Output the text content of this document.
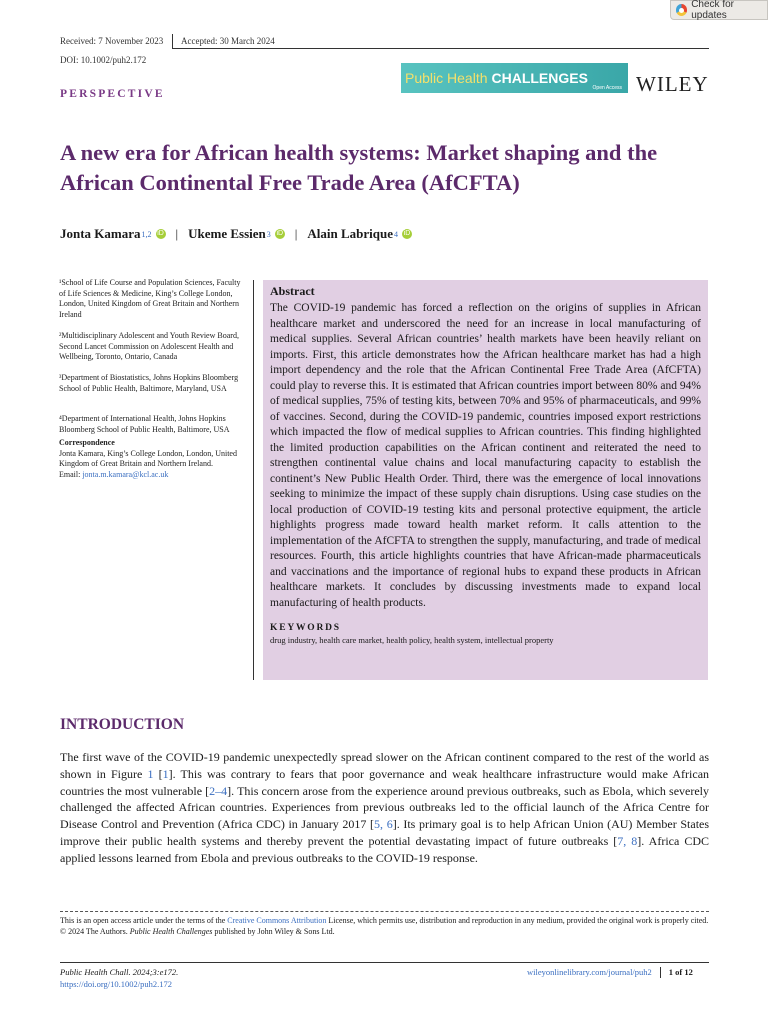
Check for updates
Received: 7 November 2023 Accepted: 30 March 2024
DOI: 10.1002/puh2.172
PERSPECTIVE
Public Health CHALLENGES
Open Access WILEY
A new era for African health systems: Market shaping and the African Continental Free Trade Area (AfCFTA)
Jonta Kamara 1,2 iD | Ukeme Essien 3 iD | Alain Labrique 4 iD

¹School of Life Course and Population Sciences, Faculty of Life Sciences & Medicine, King’s College London, London, United Kingdom of Great Britain and Northern Ireland

²Multidisciplinary Adolescent and Youth Review Board, Second Lancet Commission on Adolescent Health and Wellbeing, Toronto, Ontario, Canada

³Department of Biostatistics, Johns Hopkins Bloomberg School of Public Health, Baltimore, Maryland, USA

⁴Department of International Health, Johns Hopkins Bloomberg School of Public Health, Baltimore, USA

Correspondence
Jonta Kamara, King’s College London, London, United Kingdom of Great Britain and Northern Ireland.
Email: jonta.m.kamara@kcl.ac.uk
Abstract

The COVID-19 pandemic has forced a reflection on the origins of supplies in African healthcare market and underscored the need for an increase in local manufacturing of medical supplies. Several African countries’ health markets have been heavily reliant on imports. First, this article demonstrates how the African healthcare market has had a high import dependency and the role that the African Continental Free Trade Area (AfCFTA) could play to reverse this. It is estimated that African countries import between 80% and 94% of medical supplies, 75% of testing kits, between 70% and 95% of pharmaceuticals, and 99% of vaccines. Second, during the COVID-19 pandemic, countries imposed export restrictions which impacted the flow of medical supplies to African countries. This finding highlighted the limited production capabilities on the African continent and reiterated the need to strengthen continental value chains and local manufacturing capacity to establish the continent’s New Public Health Order. Third, there was the emergence of local innovations seeking to minimize the impact of these supply chain disruptions. Using case studies on the local production of COVID-19 testing kits and personal protective equipment, the article highlights progress made toward health market reform. It calls attention to the implementation of the AfCFTA to strengthen the supply, manufacturing, and trade of medical resources. Fourth, this article highlights countries that have African-made pharmaceuticals and vaccinations and the importance of regional hubs to expand these products in African healthcare markets. It concludes by discussing investments made to expand local manufacturing of health products.

KEYWORDS
drug industry, health care market, health policy, health system, intellectual property
INTRODUCTION

The first wave of the COVID-19 pandemic unexpectedly spread slower on the African continent compared to the rest of the world as shown in Figure 1 [1]. This was contrary to fears that poor governance and weak healthcare infrastructure would make African countries the most vulnerable [2–4]. This concern arose from the experience around previous outbreaks, such as Ebola, which severely challenged the affected African countries. Experiences from previous outbreaks led to the official launch of the Africa Centre for Disease Control and Prevention (Africa CDC) in January 2017 [5, 6]. Its primary goal is to help African Union (AU) Member States improve their public health systems and thereby prevent the potential devastating impact of future outbreaks [7, 8]. Africa CDC applied lessons learned from Ebola and previous outbreaks to the COVID-19 response.

This is an open access article under the terms of the Creative Commons Attribution License, which permits use, distribution and reproduction in any medium, provided the original work is properly cited.
© 2024 The Authors. Public Health Challenges published by John Wiley & Sons Ltd.

Public Health Chall. 2024;3:e172.
https://doi.org/10.1002/puh2.172
wileyonlinelibrary.com/journal/puh2 1 of 12
